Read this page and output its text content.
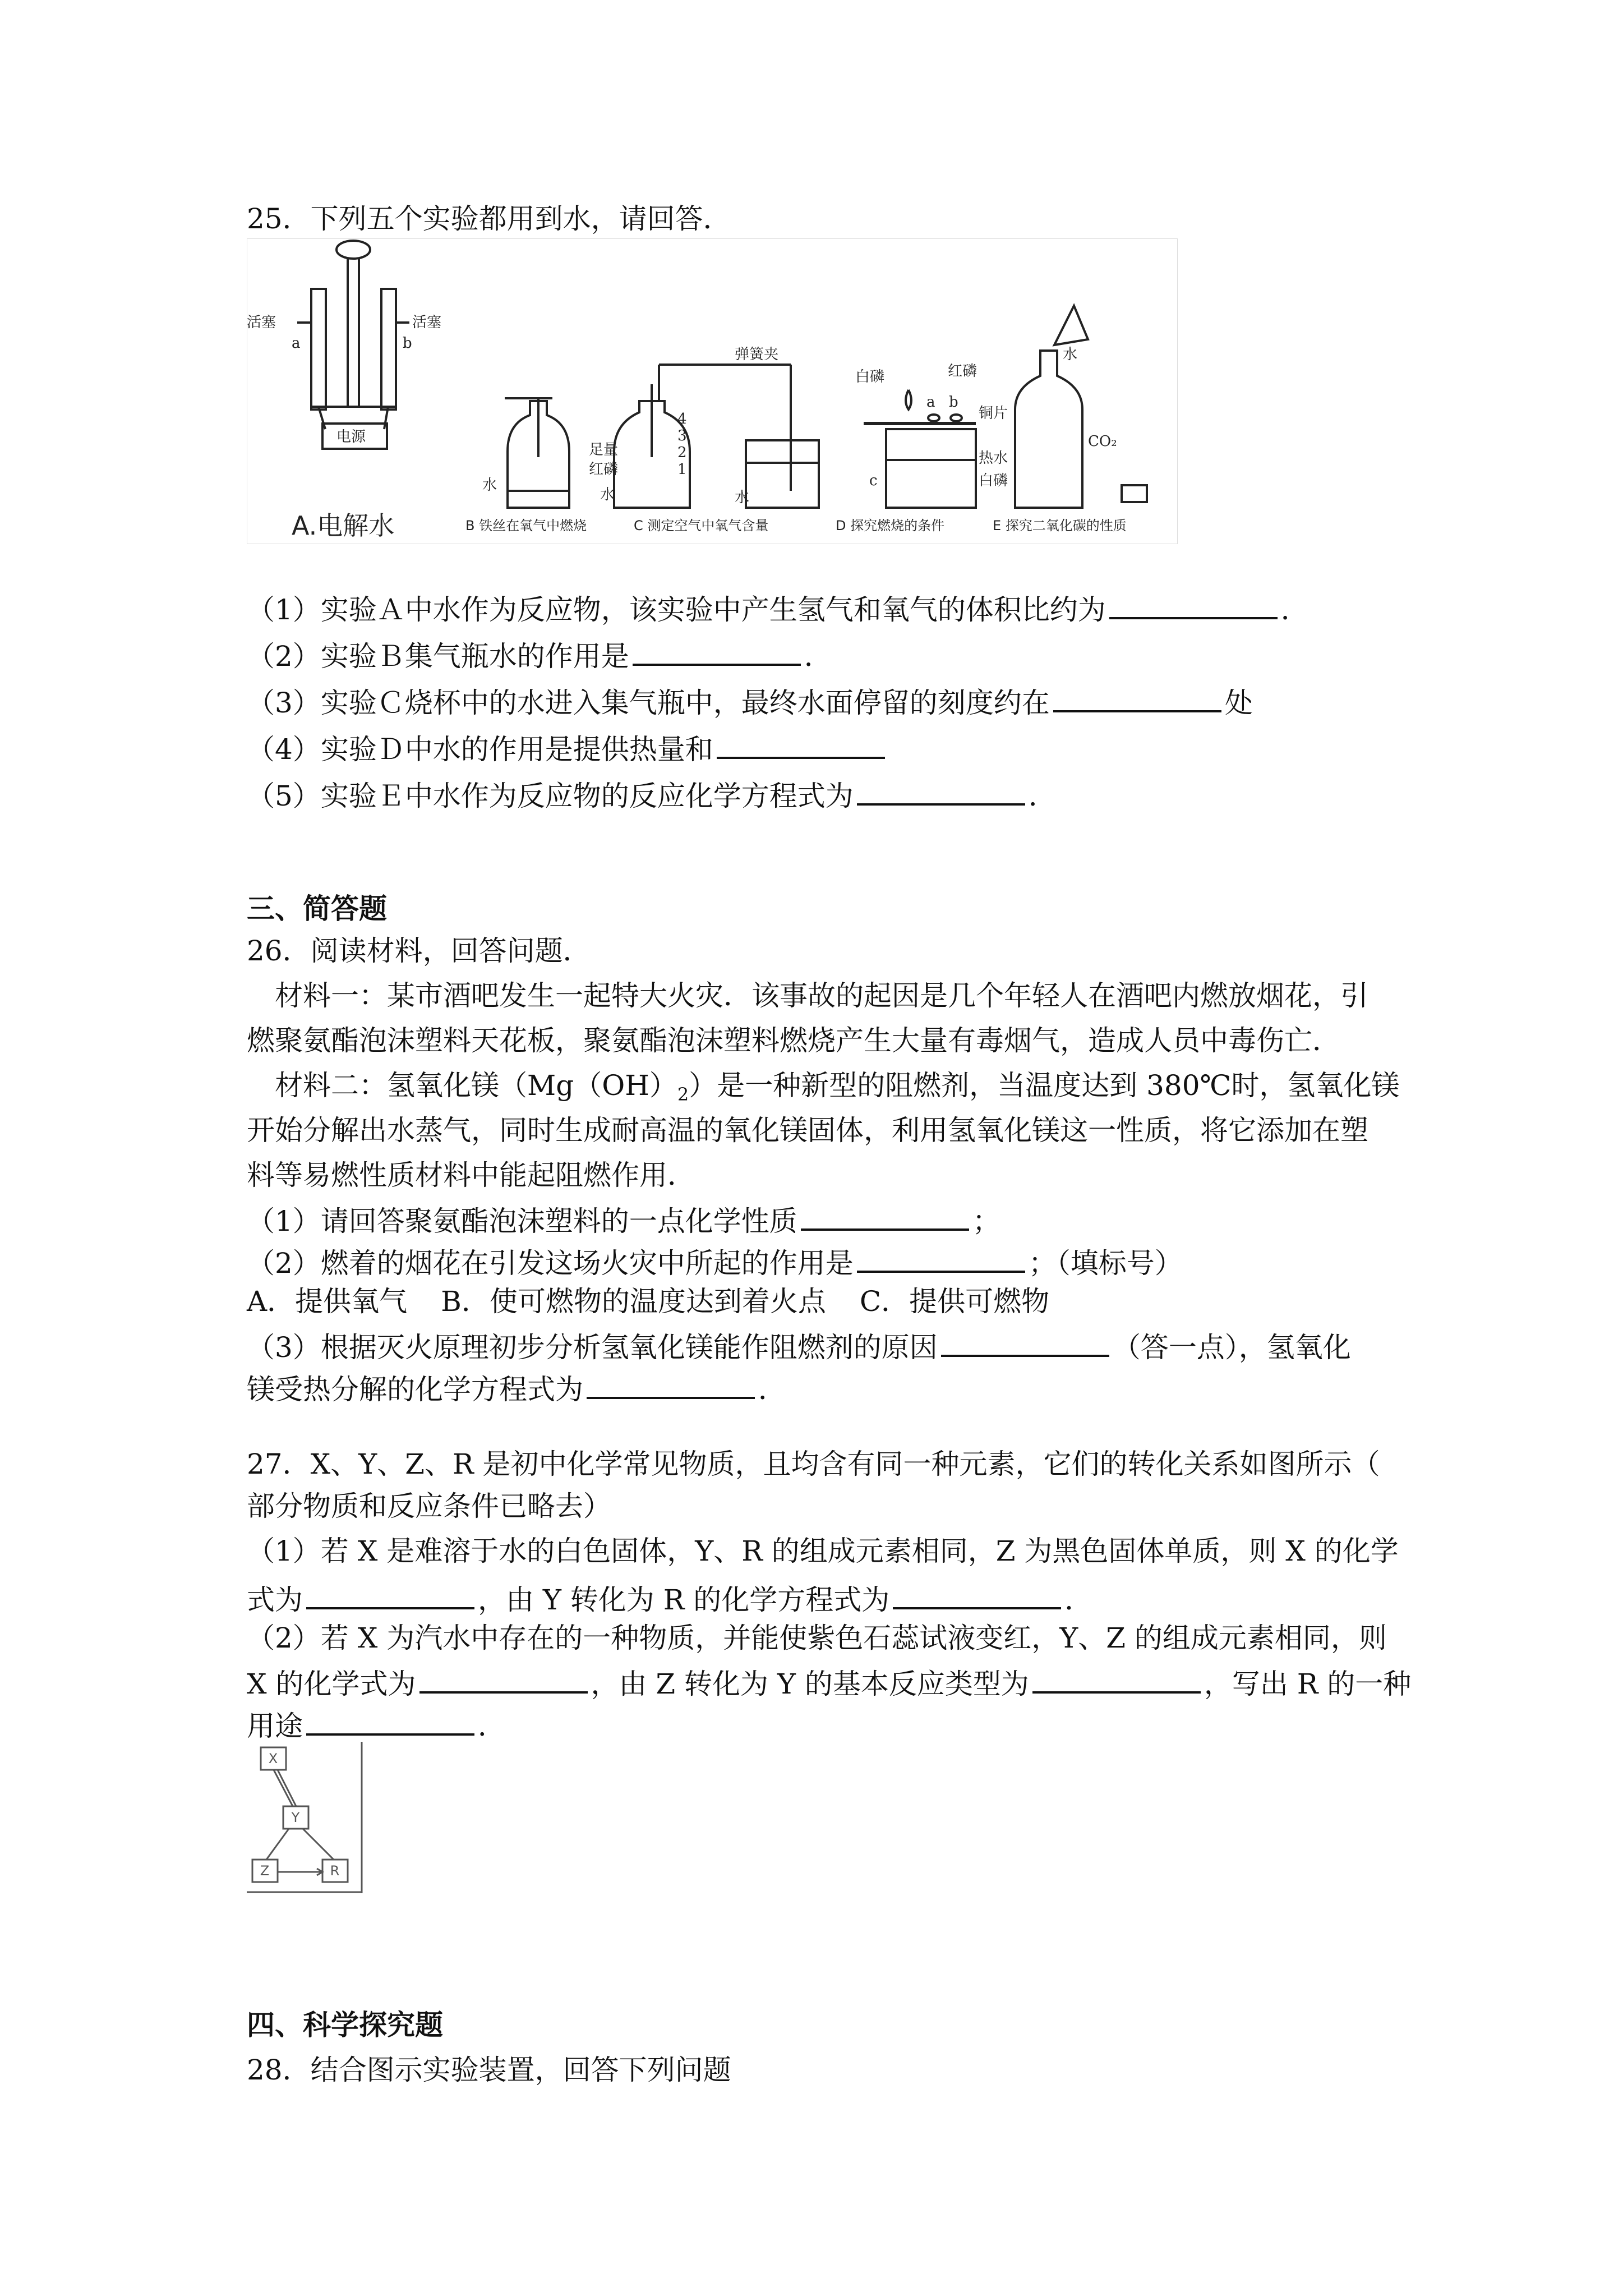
25．下列五个实验都用到水，请回答．
活塞	活塞
a	b
电源
水
弹簧夹
足量
红磷
水	水
4
3
2
1
白磷	红磷
铜片
热水
白磷
a b
c
水
CO₂
A.电解水	B 铁丝在氧气中燃烧	C 测定空气中氧气含量	D 探究燃烧的条件	E 探究二氧化碳的性质
（1）实验Ａ中水作为反应物，该实验中产生氢气和氧气的体积比约为	．
（2）实验Ｂ集气瓶水的作用是	．
（3）实验Ｃ烧杯中的水进入集气瓶中，最终水面停留的刻度约在	处
（4）实验Ｄ中水的作用是提供热量和
（5）实验Ｅ中水作为反应物的反应化学方程式为	．
三、简答题
26．阅读材料，回答问题．
材料一：某市酒吧发生一起特大火灾．该事故的起因是几个年轻人在酒吧内燃放烟花，引
燃聚氨酯泡沫塑料天花板，聚氨酯泡沫塑料燃烧产生大量有毒烟气，造成人员中毒伤亡．
材料二：氢氧化镁$(Mg(OH)_2)$是一种新型的阻燃剂，当温度达到 380℃时，氢氧化镁
开始分解出水蒸气，同时生成耐高温的氧化镁固体，利用氢氧化镁这一性质，将它添加在塑
料等易燃性质材料中能起阻燃作用．
（1）请回答聚氨酯泡沫塑料的一点化学性质	；
（2）燃着的烟花在引发这场火灾中所起的作用是	；（填标号）
A．提供氧气 B．使可燃物的温度达到着火点 C．提供可燃物
（3）根据灭火原理初步分析氢氧化镁能作阻燃剂的原因	（答一点），氢氧化
镁受热分解的化学方程式为	．
27．X、Y、Z、R 是初中化学常见物质，且均含有同一种元素，它们的转化关系如图所示（
部分物质和反应条件已略去）
（1）若 X 是难溶于水的白色固体，Y、R 的组成元素相同，Z 为黑色固体单质，则 X 的化学
式为	，由 Y 转化为 R 的化学方程式为	．
（2）若 X 为汽水中存在的一种物质，并能使紫色石蕊试液变红，Y、Z 的组成元素相同，则
X 的化学式为	，由 Z 转化为 Y 的基本反应类型为	，写出 R 的一种
用途	．
X
Y
Z	R
四、科学探究题
28．结合图示实验装置，回答下列问题
